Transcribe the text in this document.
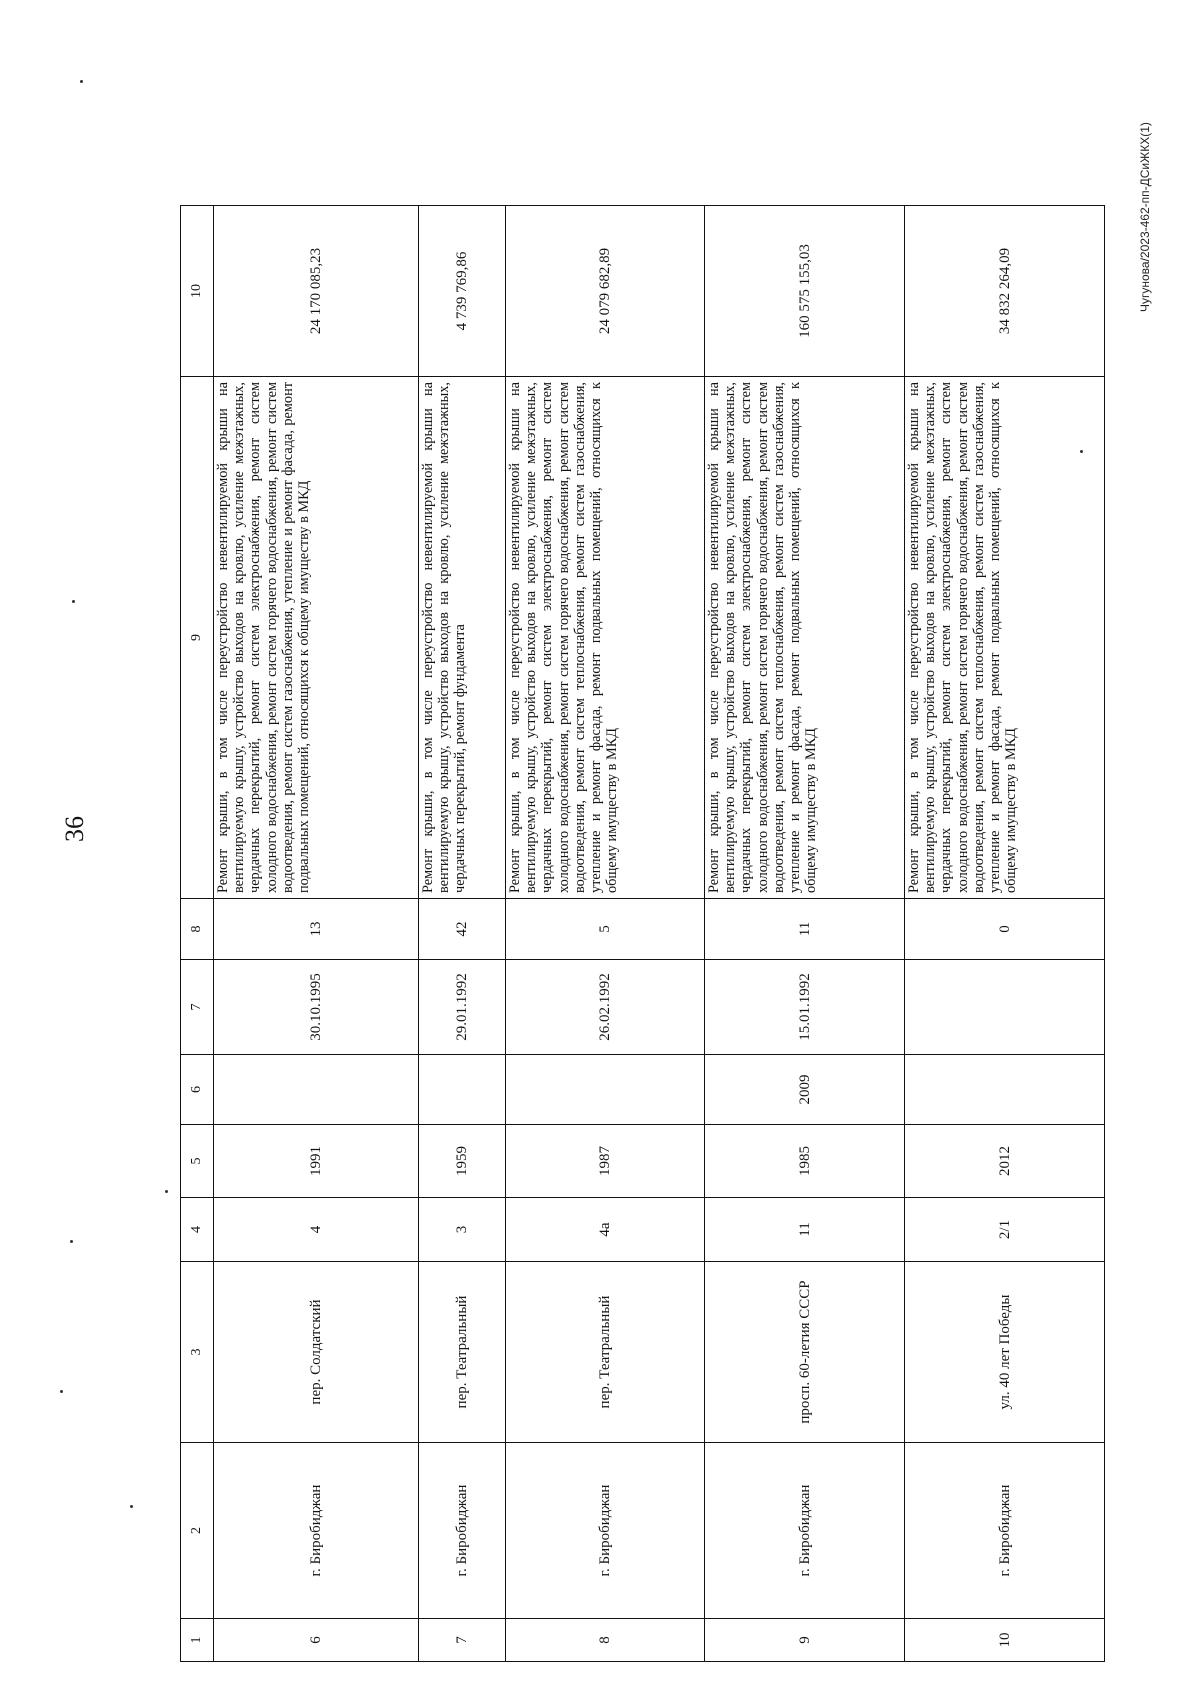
36
1	2	3	4	5	6	7	8	9	10
6	г. Биробиджан	пер. Солдатский	4	1991		30.10.1995	13	Ремонт крыши, в том числе переустройство невентилируемой крыши на вентилируемую крышу, устройство выходов на кровлю, усиление межэтажных, чердачных перекрытий, ремонт систем электроснабжения, ремонт систем холодного водоснабжения, ремонт систем горячего водоснабжения, ремонт систем водоотведения, ремонт систем газоснабжения, утепление и ремонт фасада, ремонт подвальных помещений, относящихся к общему имуществу в МКД	24 170 085,23
7	г. Биробиджан	пер. Театральный	3	1959		29.01.1992	42	Ремонт крыши, в том числе переустройство невентилируемой крыши на вентилируемую крышу, устройство выходов на кровлю, усиление межэтажных, чердачных перекрытий, ремонт фундамента	4 739 769,86
8	г. Биробиджан	пер. Театральный	4а	1987		26.02.1992	5	Ремонт крыши, в том числе переустройство невентилируемой крыши на вентилируемую крышу, устройство выходов на кровлю, усиление межэтажных, чердачных перекрытий, ремонт систем электроснабжения, ремонт систем холодного водоснабжения, ремонт систем горячего водоснабжения, ремонт систем водоотведения, ремонт систем теплоснабжения, ремонт систем газоснабжения, утепление и ремонт фасада, ремонт подвальных помещений, относящихся к общему имуществу в МКД	24 079 682,89
9	г. Биробиджан	просп. 60-летия СССР	11	1985	2009	15.01.1992	11	Ремонт крыши, в том числе переустройство невентилируемой крыши на вентилируемую крышу, устройство выходов на кровлю, усиление межэтажных, чердачных перекрытий, ремонт систем электроснабжения, ремонт систем холодного водоснабжения, ремонт систем горячего водоснабжения, ремонт систем водоотведения, ремонт систем теплоснабжения, ремонт систем газоснабжения, утепление и ремонт фасада, ремонт подвальных помещений, относящихся к общему имуществу в МКД	160 575 155,03
10	г. Биробиджан	ул. 40 лет Победы	2/1	2012			0	Ремонт крыши, в том числе переустройство невентилируемой крыши на вентилируемую крышу, устройство выходов на кровлю, усиление межэтажных, чердачных перекрытий, ремонт систем электроснабжения, ремонт систем холодного водоснабжения, ремонт систем горячего водоснабжения, ремонт систем водоотведения, ремонт систем теплоснабжения, ремонт систем газоснабжения, утепление и ремонт фасада, ремонт подвальных помещений, относящихся к общему имуществу в МКД	34 832 264,09	Чугунова/2023-462-пп-ДСиЖКХ(1)
